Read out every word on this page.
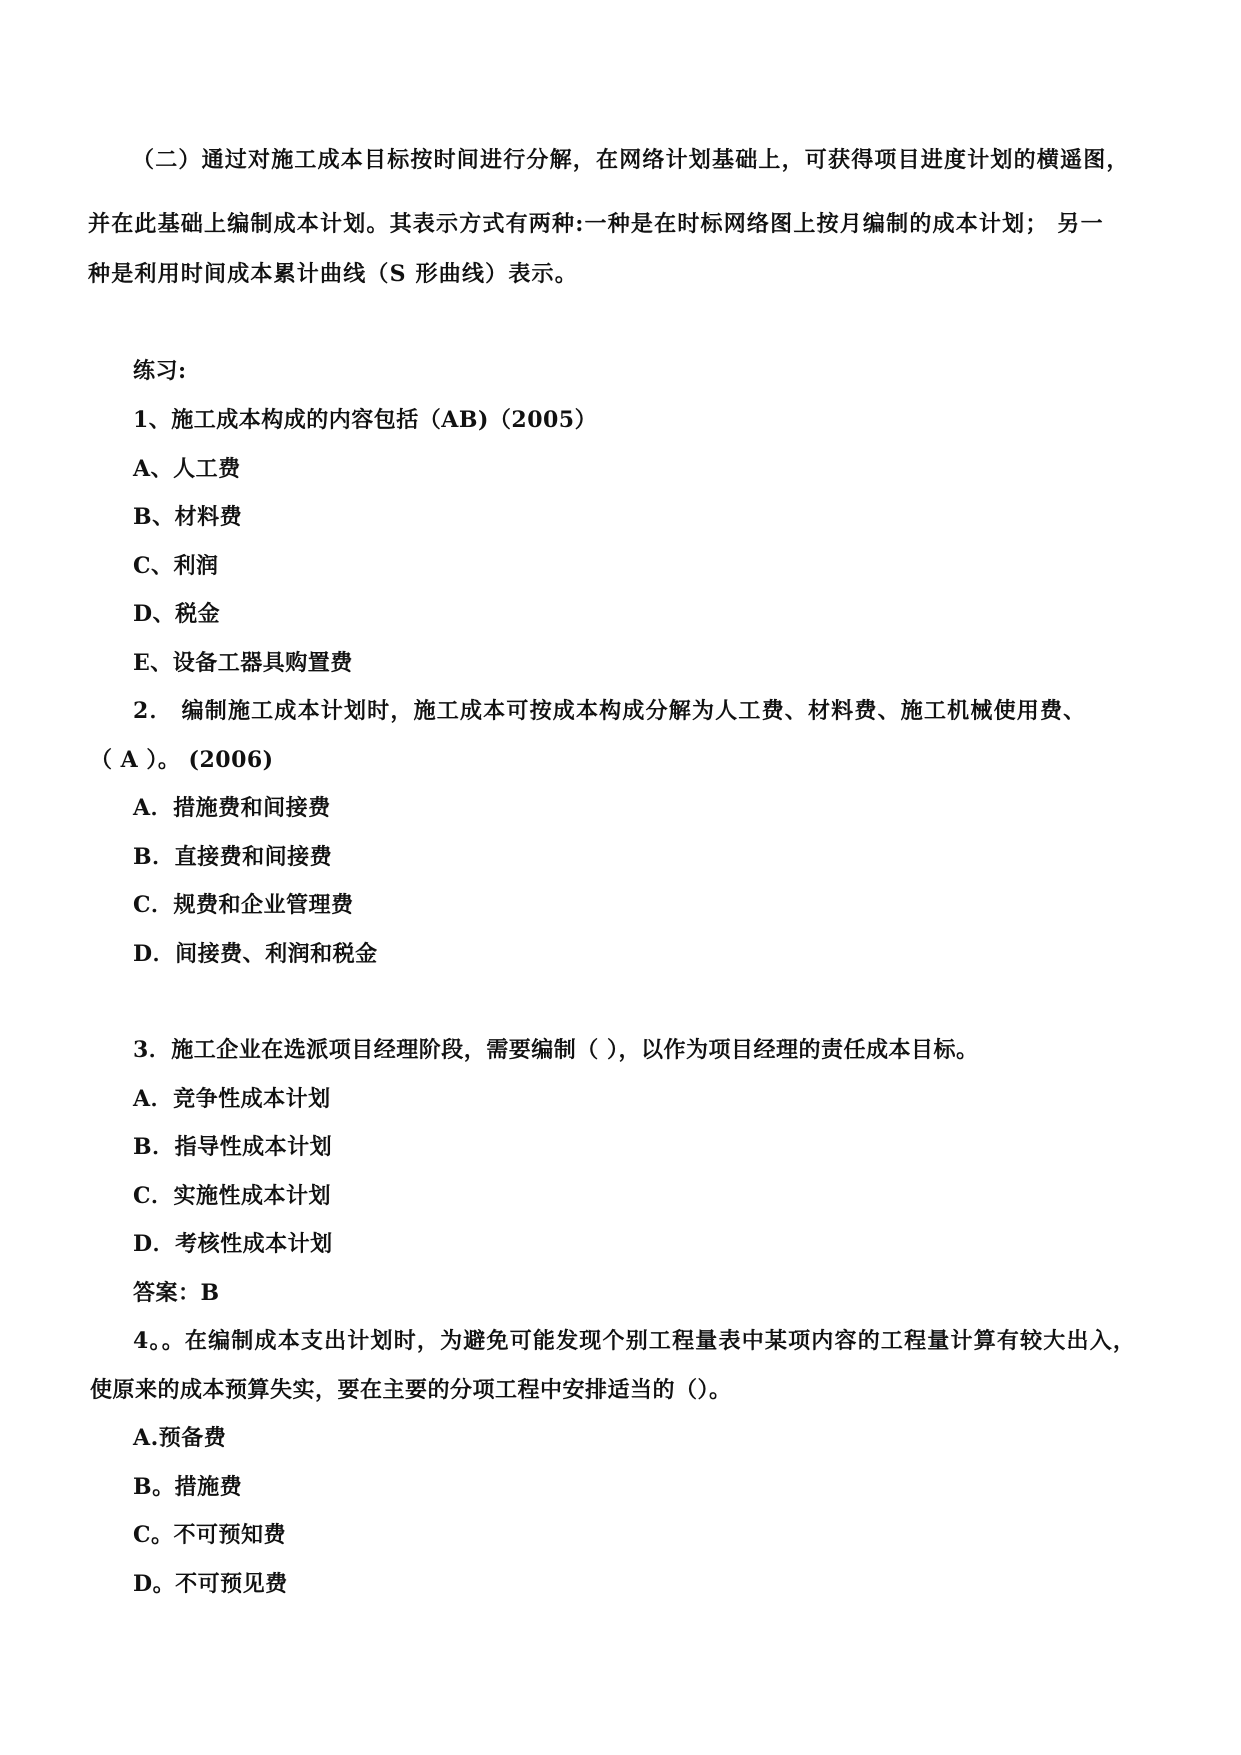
（二）通过对施工成本目标按时间进行分解，在网络计划基础上，可获得项目进度计划的横遥图，
并在此基础上编制成本计划。其表示方式有两种:一种是在时标网络图上按月编制的成本计划； 另一
种是利用时间成本累计曲线（S 形曲线）表示。
练习:
1、施工成本构成的内容包括（AB)（2005）
A、人工费
B、材料费
C、利润
D、税金
E、设备工器具购置费
2． 编制施工成本计划时，施工成本可按成本构成分解为人工费、材料费、施工机械使用费、
（ A ）。 (2006)
A．措施费和间接费
B．直接费和间接费
C．规费和企业管理费
D．间接费、利润和税金
3．施工企业在选派项目经理阶段，需要编制（ ），以作为项目经理的责任成本目标。
A．竞争性成本计划
B．指导性成本计划
C．实施性成本计划
D．考核性成本计划
答案：B
4。。在编制成本支出计划时，为避免可能发现个别工程量表中某项内容的工程量计算有较大出入，
使原来的成本预算失实，要在主要的分项工程中安排适当的（）。
A.预备费
B。措施费
C。不可预知费
D。不可预见费
